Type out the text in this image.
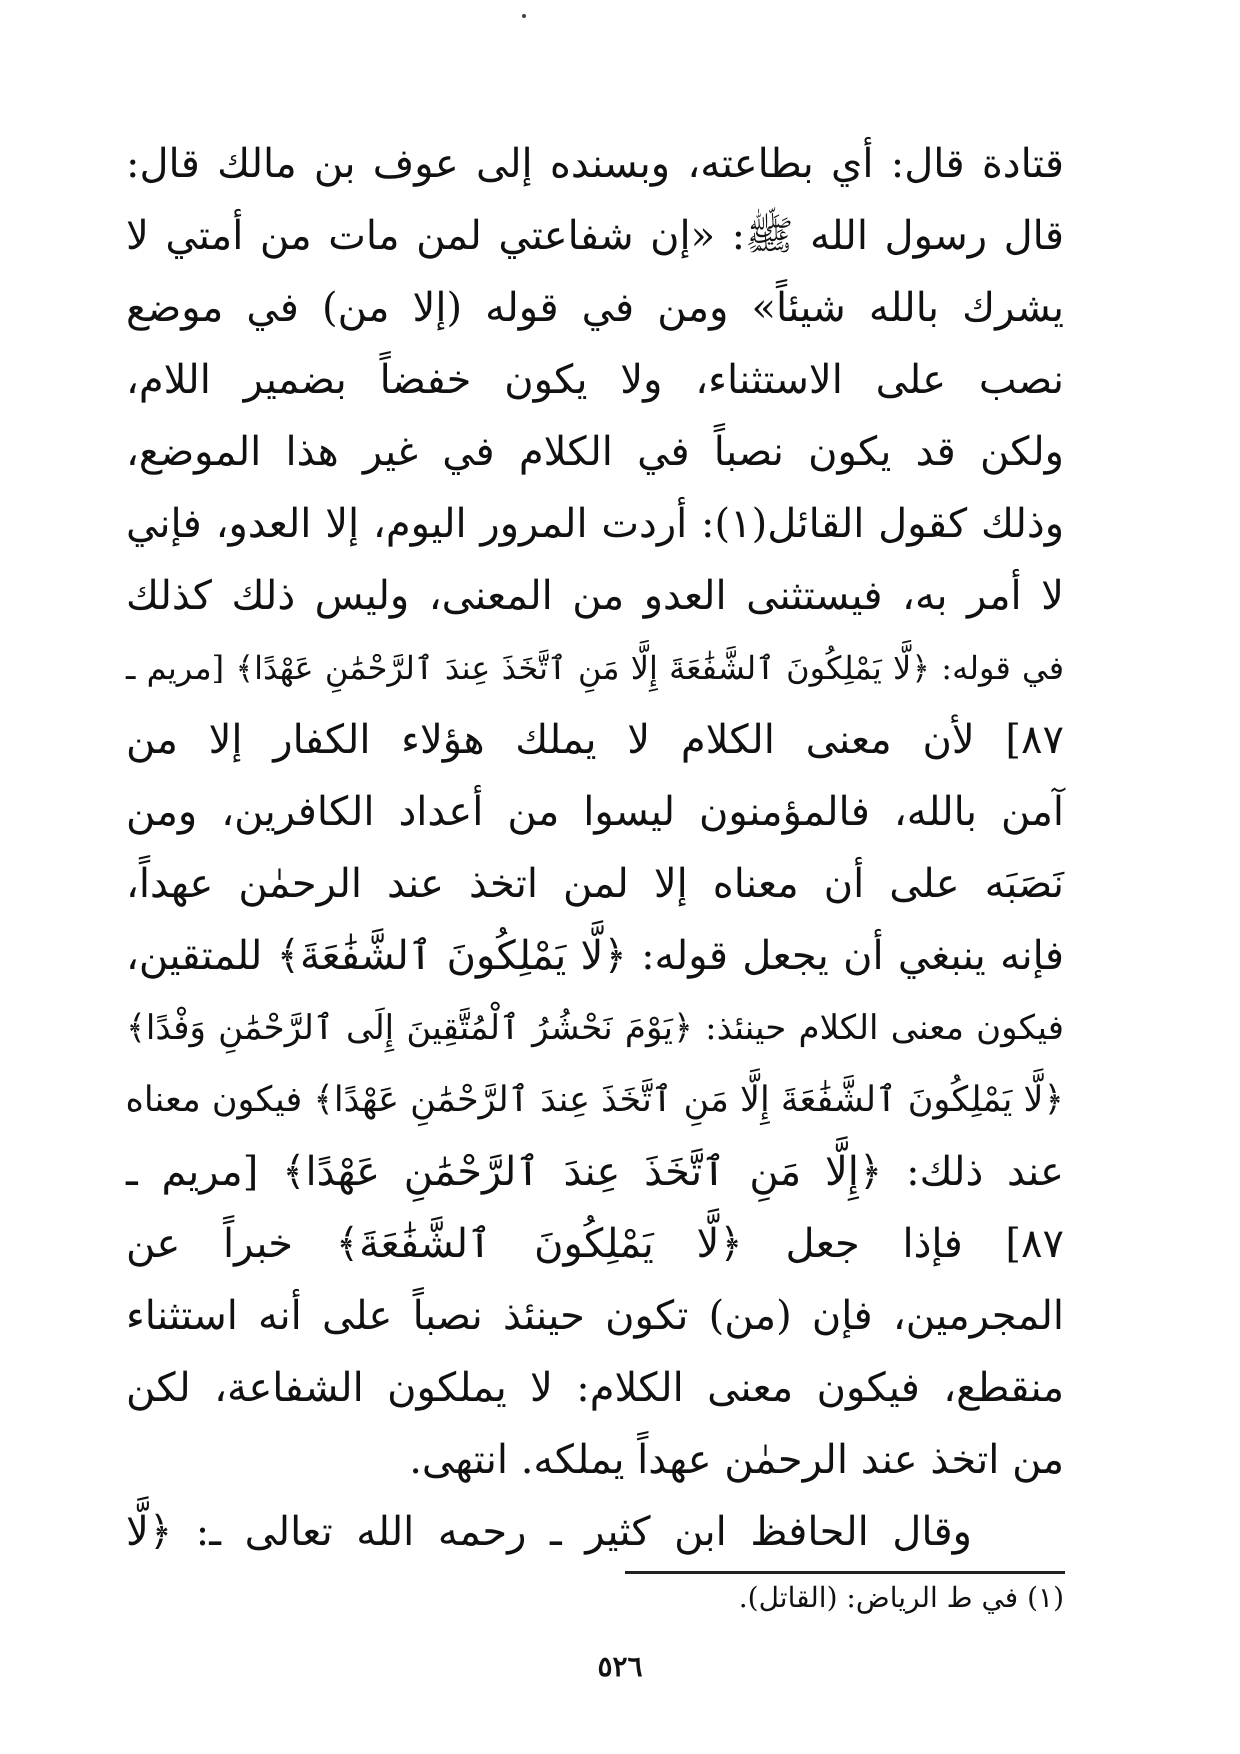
قتادة قال: أي بطاعته، وبسنده إلى عوف بن مالك قال:
قال رسول الله ﷺ: «إن شفاعتي لمن مات من أمتي لا
يشرك بالله شيئاً» ومن في قوله (إلا من) في موضع
نصب على الاستثناء، ولا يكون خفضاً بضمير اللام،
ولكن قد يكون نصباً في الكلام في غير هذا الموضع،
وذلك كقول القائل(١): أردت المرور اليوم، إلا العدو، فإني
لا أمر به، فيستثنى العدو من المعنى، وليس ذلك كذلك
في قوله: ﴿لَّا يَمْلِكُونَ ٱلشَّفَٰعَةَ إِلَّا مَنِ ٱتَّخَذَ عِندَ ٱلرَّحْمَٰنِ عَهْدًا﴾ [مريم ـ
٨٧] لأن معنى الكلام لا يملك هؤلاء الكفار إلا من
آمن بالله، فالمؤمنون ليسوا من أعداد الكافرين، ومن
نَصَبَه على أن معناه إلا لمن اتخذ عند الرحمٰن عهداً،
فإنه ينبغي أن يجعل قوله: ﴿لَّا يَمْلِكُونَ ٱلشَّفَٰعَةَ﴾ للمتقين،
فيكون معنى الكلام حينئذ: ﴿يَوْمَ نَحْشُرُ ٱلْمُتَّقِينَ إِلَى ٱلرَّحْمَٰنِ وَفْدًا﴾
﴿لَّا يَمْلِكُونَ ٱلشَّفَٰعَةَ إِلَّا مَنِ ٱتَّخَذَ عِندَ ٱلرَّحْمَٰنِ عَهْدًا﴾ فيكون معناه
عند ذلك: ﴿إِلَّا مَنِ ٱتَّخَذَ عِندَ ٱلرَّحْمَٰنِ عَهْدًا﴾ [مريم ـ
٨٧] فإذا جعل ﴿لَّا يَمْلِكُونَ ٱلشَّفَٰعَةَ﴾ خبراً عن
المجرمين، فإن (من) تكون حينئذ نصباً على أنه استثناء
منقطع، فيكون معنى الكلام: لا يملكون الشفاعة، لكن
من اتخذ عند الرحمٰن عهداً يملكه. انتهى.
وقال الحافظ ابن كثير ـ رحمه الله تعالى ـ: ﴿لَّا
(١) في ط الرياض: (القاتل).
٥٢٦
